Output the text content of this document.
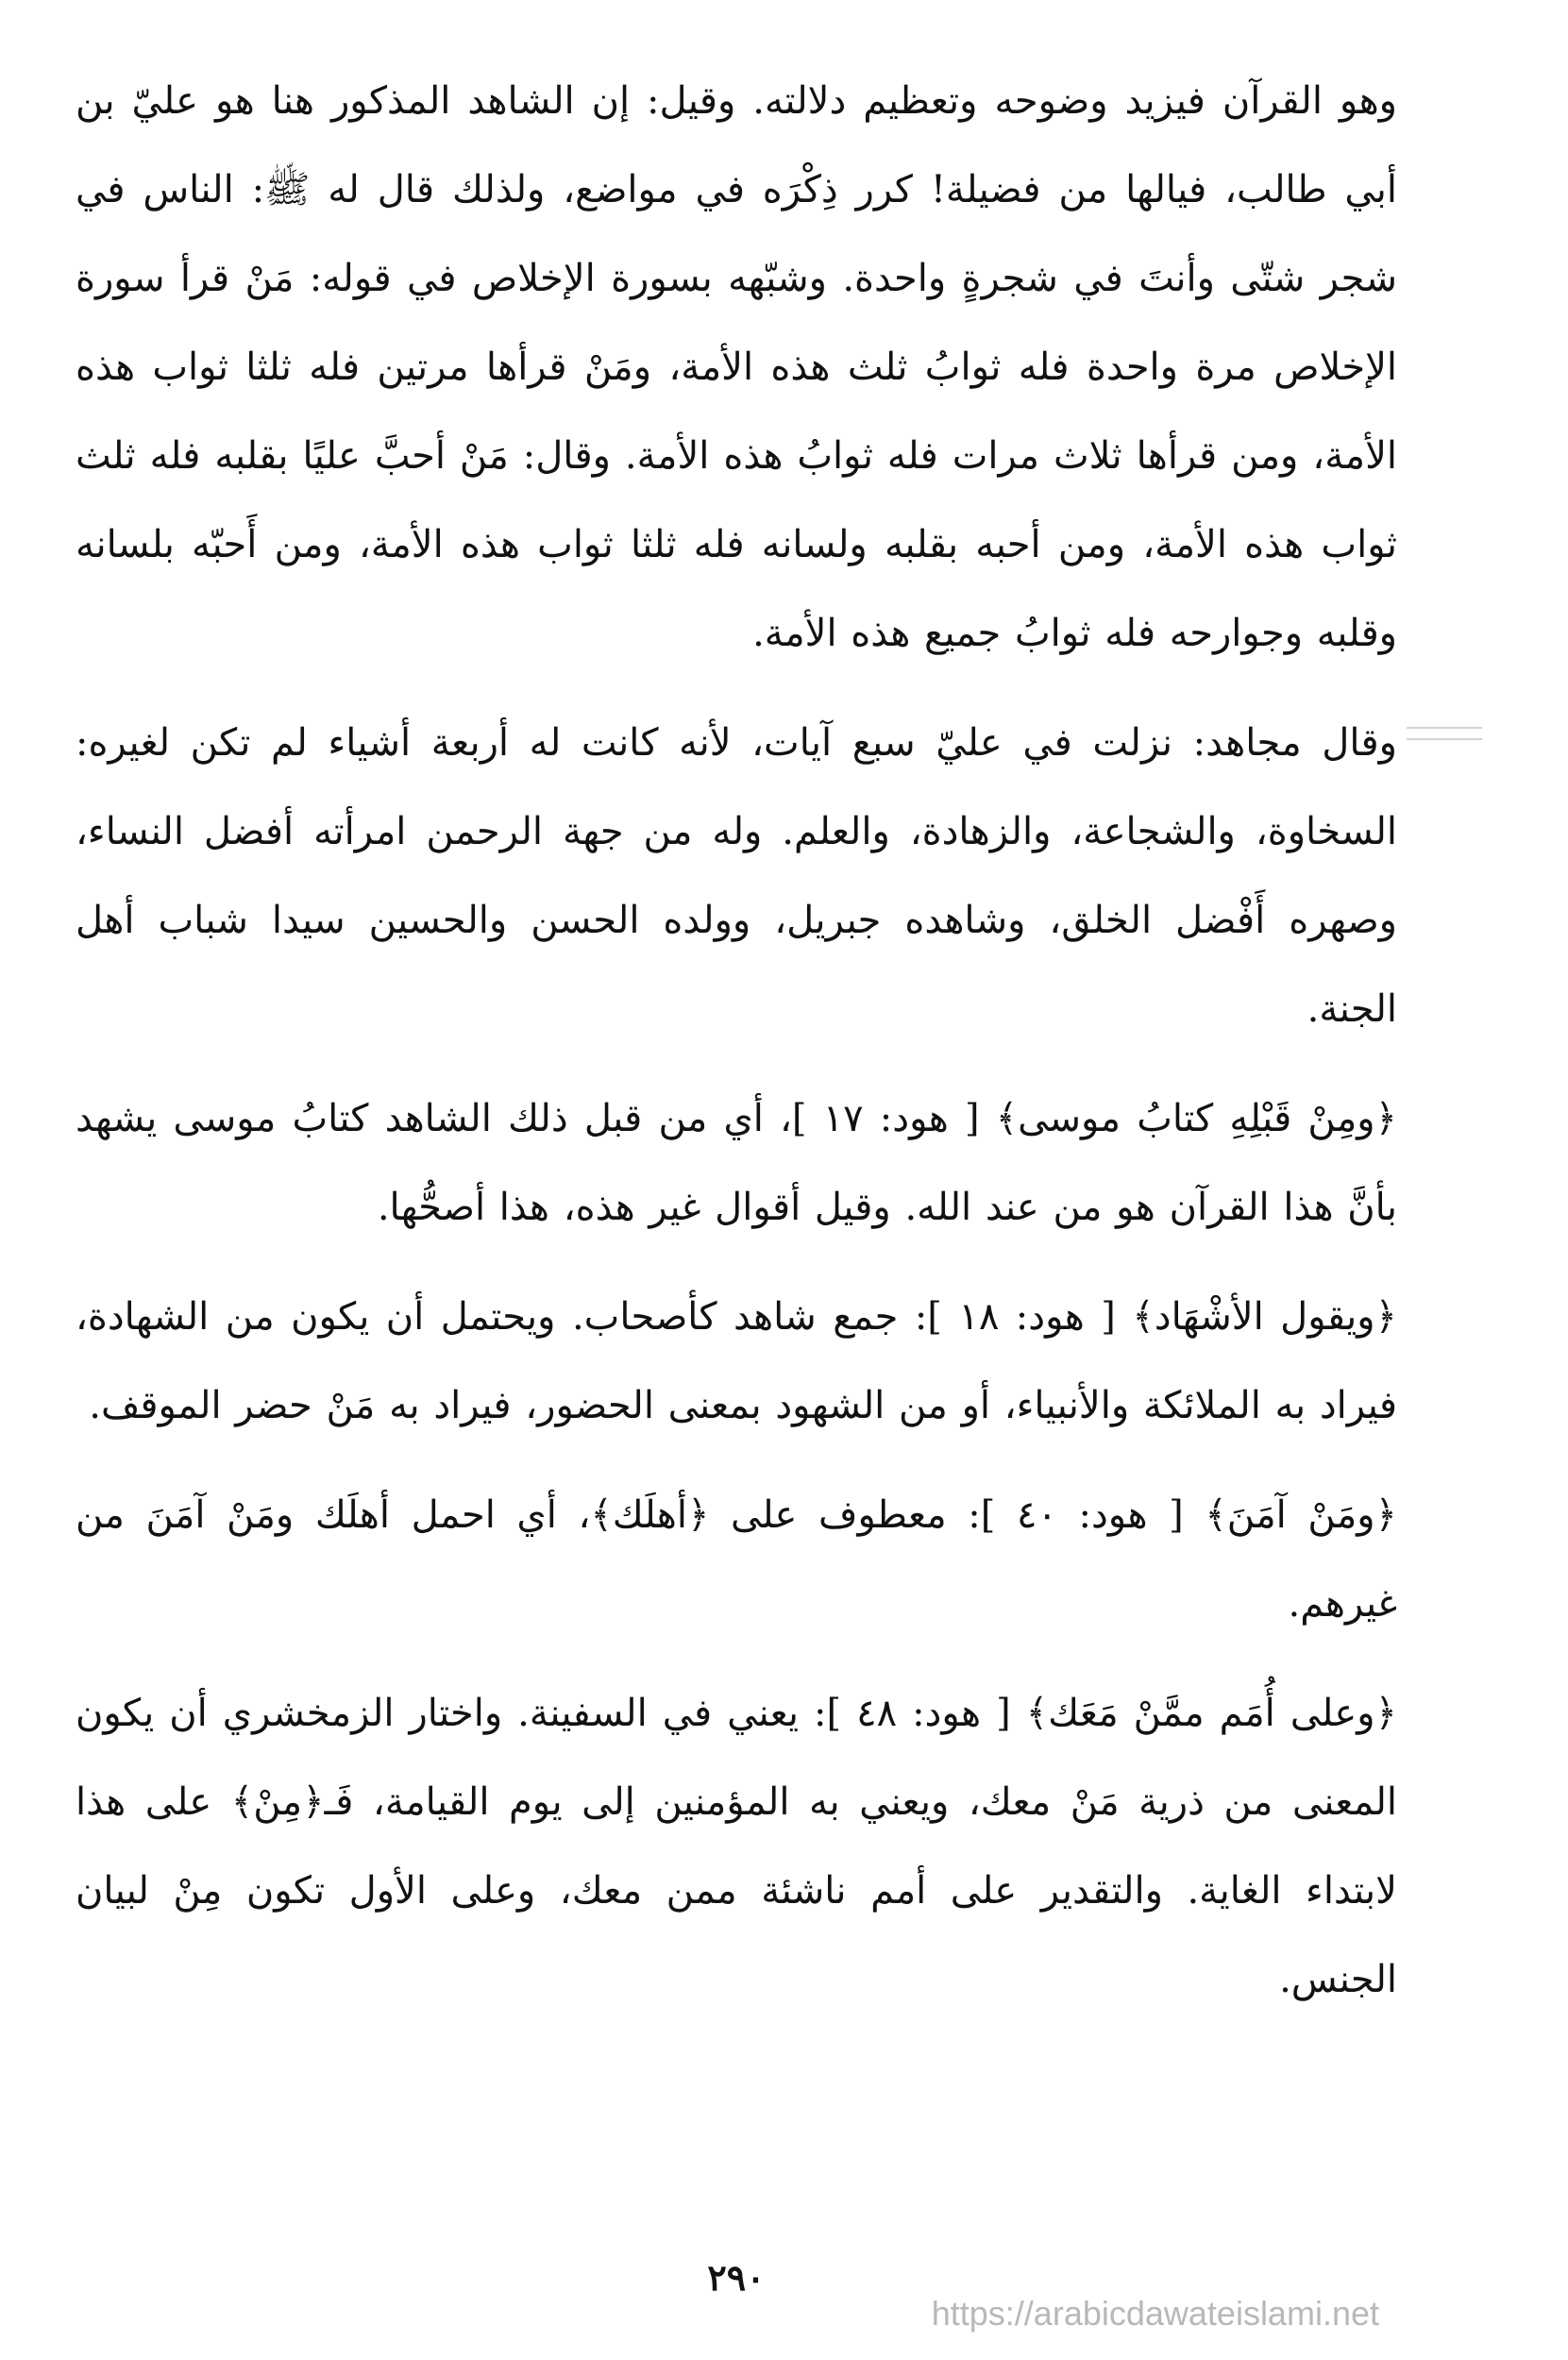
وهو القرآن فيزيد وضوحه وتعظيم دلالته. وقيل: إن الشاهد المذكور هنا هو عليّ بن أبي طالب، فيالها من فضيلة! كرر ذِكْرَه في مواضع، ولذلك قال له ﷺ: الناس في شجر شتّى وأنتَ في شجرةٍ واحدة. وشبّهه بسورة الإخلاص في قوله: مَنْ قرأ سورة الإخلاص مرة واحدة فله ثوابُ ثلث هذه الأمة، ومَنْ قرأها مرتين فله ثلثا ثواب هذه الأمة، ومن قرأها ثلاث مرات فله ثوابُ هذه الأمة. وقال: مَنْ أحبَّ عليًا بقلبه فله ثلث ثواب هذه الأمة، ومن أحبه بقلبه ولسانه فله ثلثا ثواب هذه الأمة، ومن أَحبّه بلسانه وقلبه وجوارحه فله ثوابُ جميع هذه الأمة.

وقال مجاهد: نزلت في عليّ سبع آيات، لأنه كانت له أربعة أشياء لم تكن لغيره: السخاوة، والشجاعة، والزهادة، والعلم. وله من جهة الرحمن امرأته أفضل النساء، وصهره أَفْضل الخلق، وشاهده جبريل، وولده الحسن والحسين سيدا شباب أهل الجنة.

﴿ومِنْ قَبْلِهِ كتابُ موسى﴾ [ هود: ١٧ ]، أي من قبل ذلك الشاهد كتابُ موسى يشهد بأنَّ هذا القرآن هو من عند الله. وقيل أقوال غير هذه، هذا أصحُّها.

﴿ويقول الأشْهَاد﴾ [ هود: ١٨ ]: جمع شاهد كأصحاب. ويحتمل أن يكون من الشهادة، فيراد به الملائكة والأنبياء، أو من الشهود بمعنى الحضور، فيراد به مَنْ حضر الموقف.

﴿ومَنْ آمَنَ﴾ [ هود: ٤٠ ]: معطوف على ﴿أهلَك﴾، أي احمل أهلَك ومَنْ آمَنَ من غيرهم.

﴿وعلى أُمَم ممَّنْ مَعَك﴾ [ هود: ٤٨ ]: يعني في السفينة. واختار الزمخشري أن يكون المعنى من ذرية مَنْ معك، ويعني به المؤمنين إلى يوم القيامة، فَـ﴿مِنْ﴾ على هذا لابتداء الغاية. والتقدير على أمم ناشئة ممن معك، وعلى الأول تكون مِنْ لبيان الجنس.

٢٩٠
https://arabicdawateislami.net
